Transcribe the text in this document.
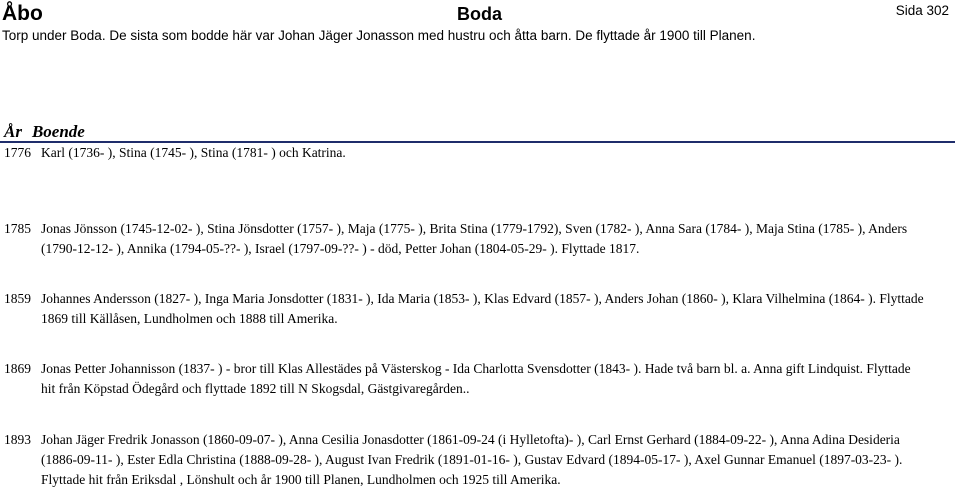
Åbo
Torp under Boda. De sista som bodde här var Johan Jäger Jonasson med hustru och åtta barn. De flyttade år 1900 till Planen.
Boda	Sida 302
År Boende
1776 Karl (1736- ), Stina (1745- ), Stina (1781- ) och Katrina.
1785 Jonas Jönsson (1745-12-02- ), Stina Jönsdotter (1757- ), Maja (1775- ), Brita Stina (1779-1792), Sven (1782- ), Anna Sara (1784- ), Maja Stina (1785- ), Anders (1790-12-12- ), Annika (1794-05-??- ), Israel (1797-09-??- ) - död, Petter Johan (1804-05-29- ). Flyttade 1817.
1859 Johannes Andersson (1827- ), Inga Maria Jonsdotter (1831- ), Ida Maria (1853- ), Klas Edvard (1857- ), Anders Johan (1860- ), Klara Vilhelmina (1864- ). Flyttade 1869 till Källåsen, Lundholmen och 1888 till Amerika.
1869 Jonas Petter Johannisson (1837- ) - bror till Klas Allestädes på Västerskog - Ida Charlotta Svensdotter (1843- ). Hade två barn bl. a. Anna gift Lindquist. Flyttade hit från Köpstad Ödegård och flyttade 1892 till N Skogsdal, Gästgivaregården..
1893 Johan Jäger Fredrik Jonasson (1860-09-07- ), Anna Cesilia Jonasdotter (1861-09-24 (i Hylletofta)- ), Carl Ernst Gerhard (1884-09-22- ), Anna Adina Desideria (1886-09-11- ), Ester Edla Christina (1888-09-28- ), August Ivan Fredrik (1891-01-16- ), Gustav Edvard (1894-05-17- ), Axel Gunnar Emanuel (1897-03-23- ). Flyttade hit från Eriksdal , Lönshult och år 1900 till Planen, Lundholmen och 1925 till Amerika.
